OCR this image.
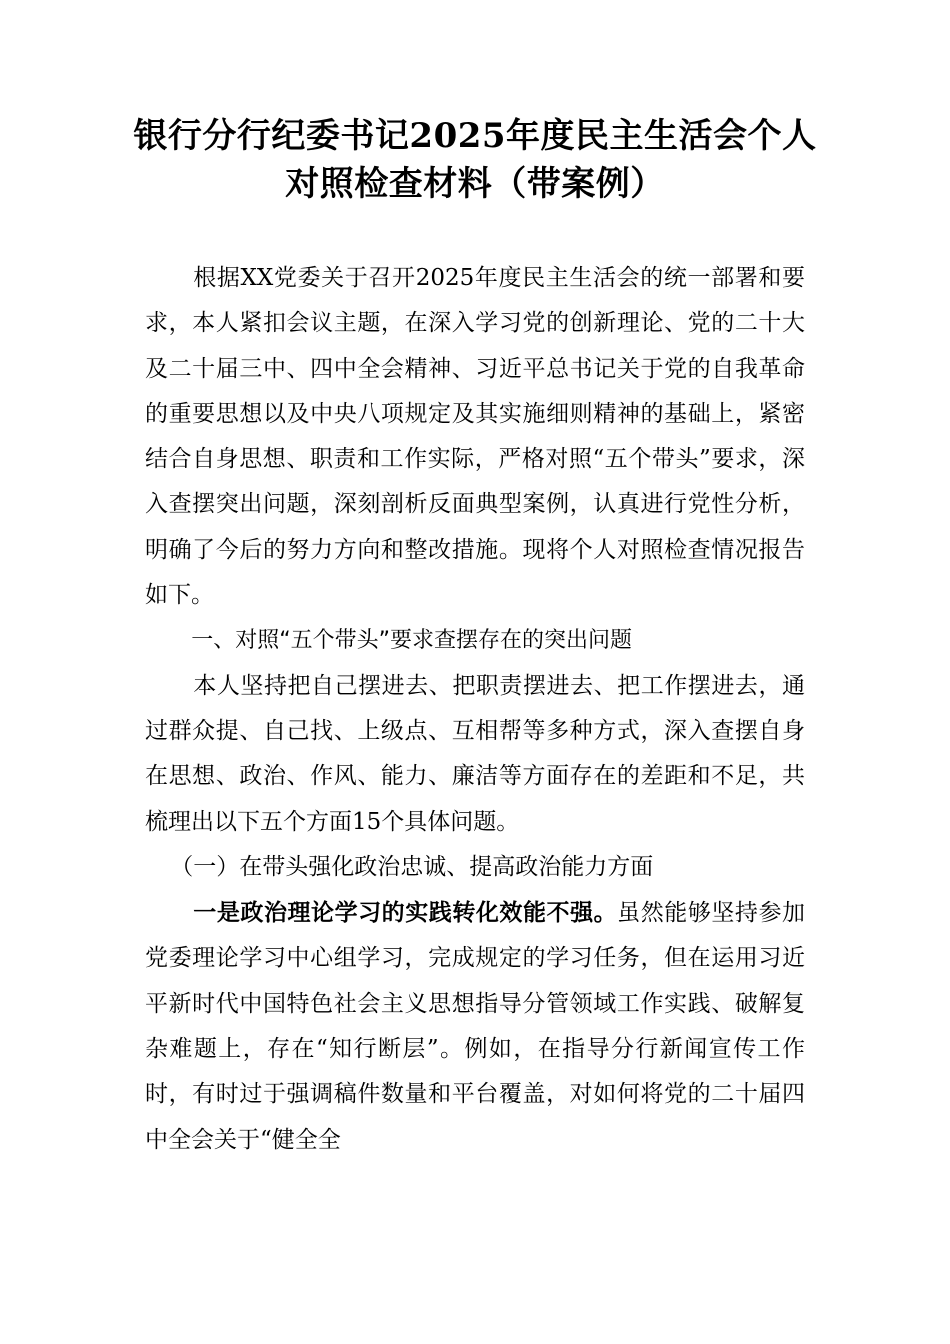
银行分行纪委书记2025年度民主生活会个人对照检查材料（带案例）

根据XX党委关于召开2025年度民主生活会的统一部署和要求，本人紧扣会议主题，在深入学习党的创新理论、党的二十大及二十届三中、四中全会精神、习近平总书记关于党的自我革命的重要思想以及中央八项规定及其实施细则精神的基础上，紧密结合自身思想、职责和工作实际，严格对照“五个带头”要求，深入查摆突出问题，深刻剖析反面典型案例，认真进行党性分析，明确了今后的努力方向和整改措施。现将个人对照检查情况报告如下。

一、对照“五个带头”要求查摆存在的突出问题

本人坚持把自己摆进去、把职责摆进去、把工作摆进去，通过群众提、自己找、上级点、互相帮等多种方式，深入查摆自身在思想、政治、作风、能力、廉洁等方面存在的差距和不足，共梳理出以下五个方面15个具体问题。

（一）在带头强化政治忠诚、提高政治能力方面

一是政治理论学习的实践转化效能不强。虽然能够坚持参加党委理论学习中心组学习，完成规定的学习任务，但在运用习近平新时代中国特色社会主义思想指导分管领域工作实践、破解复杂难题上，存在“知行断层”。例如，在指导分行新闻宣传工作时，有时过于强调稿件数量和平台覆盖，对如何将党的二十届四中全会关于“健全全
